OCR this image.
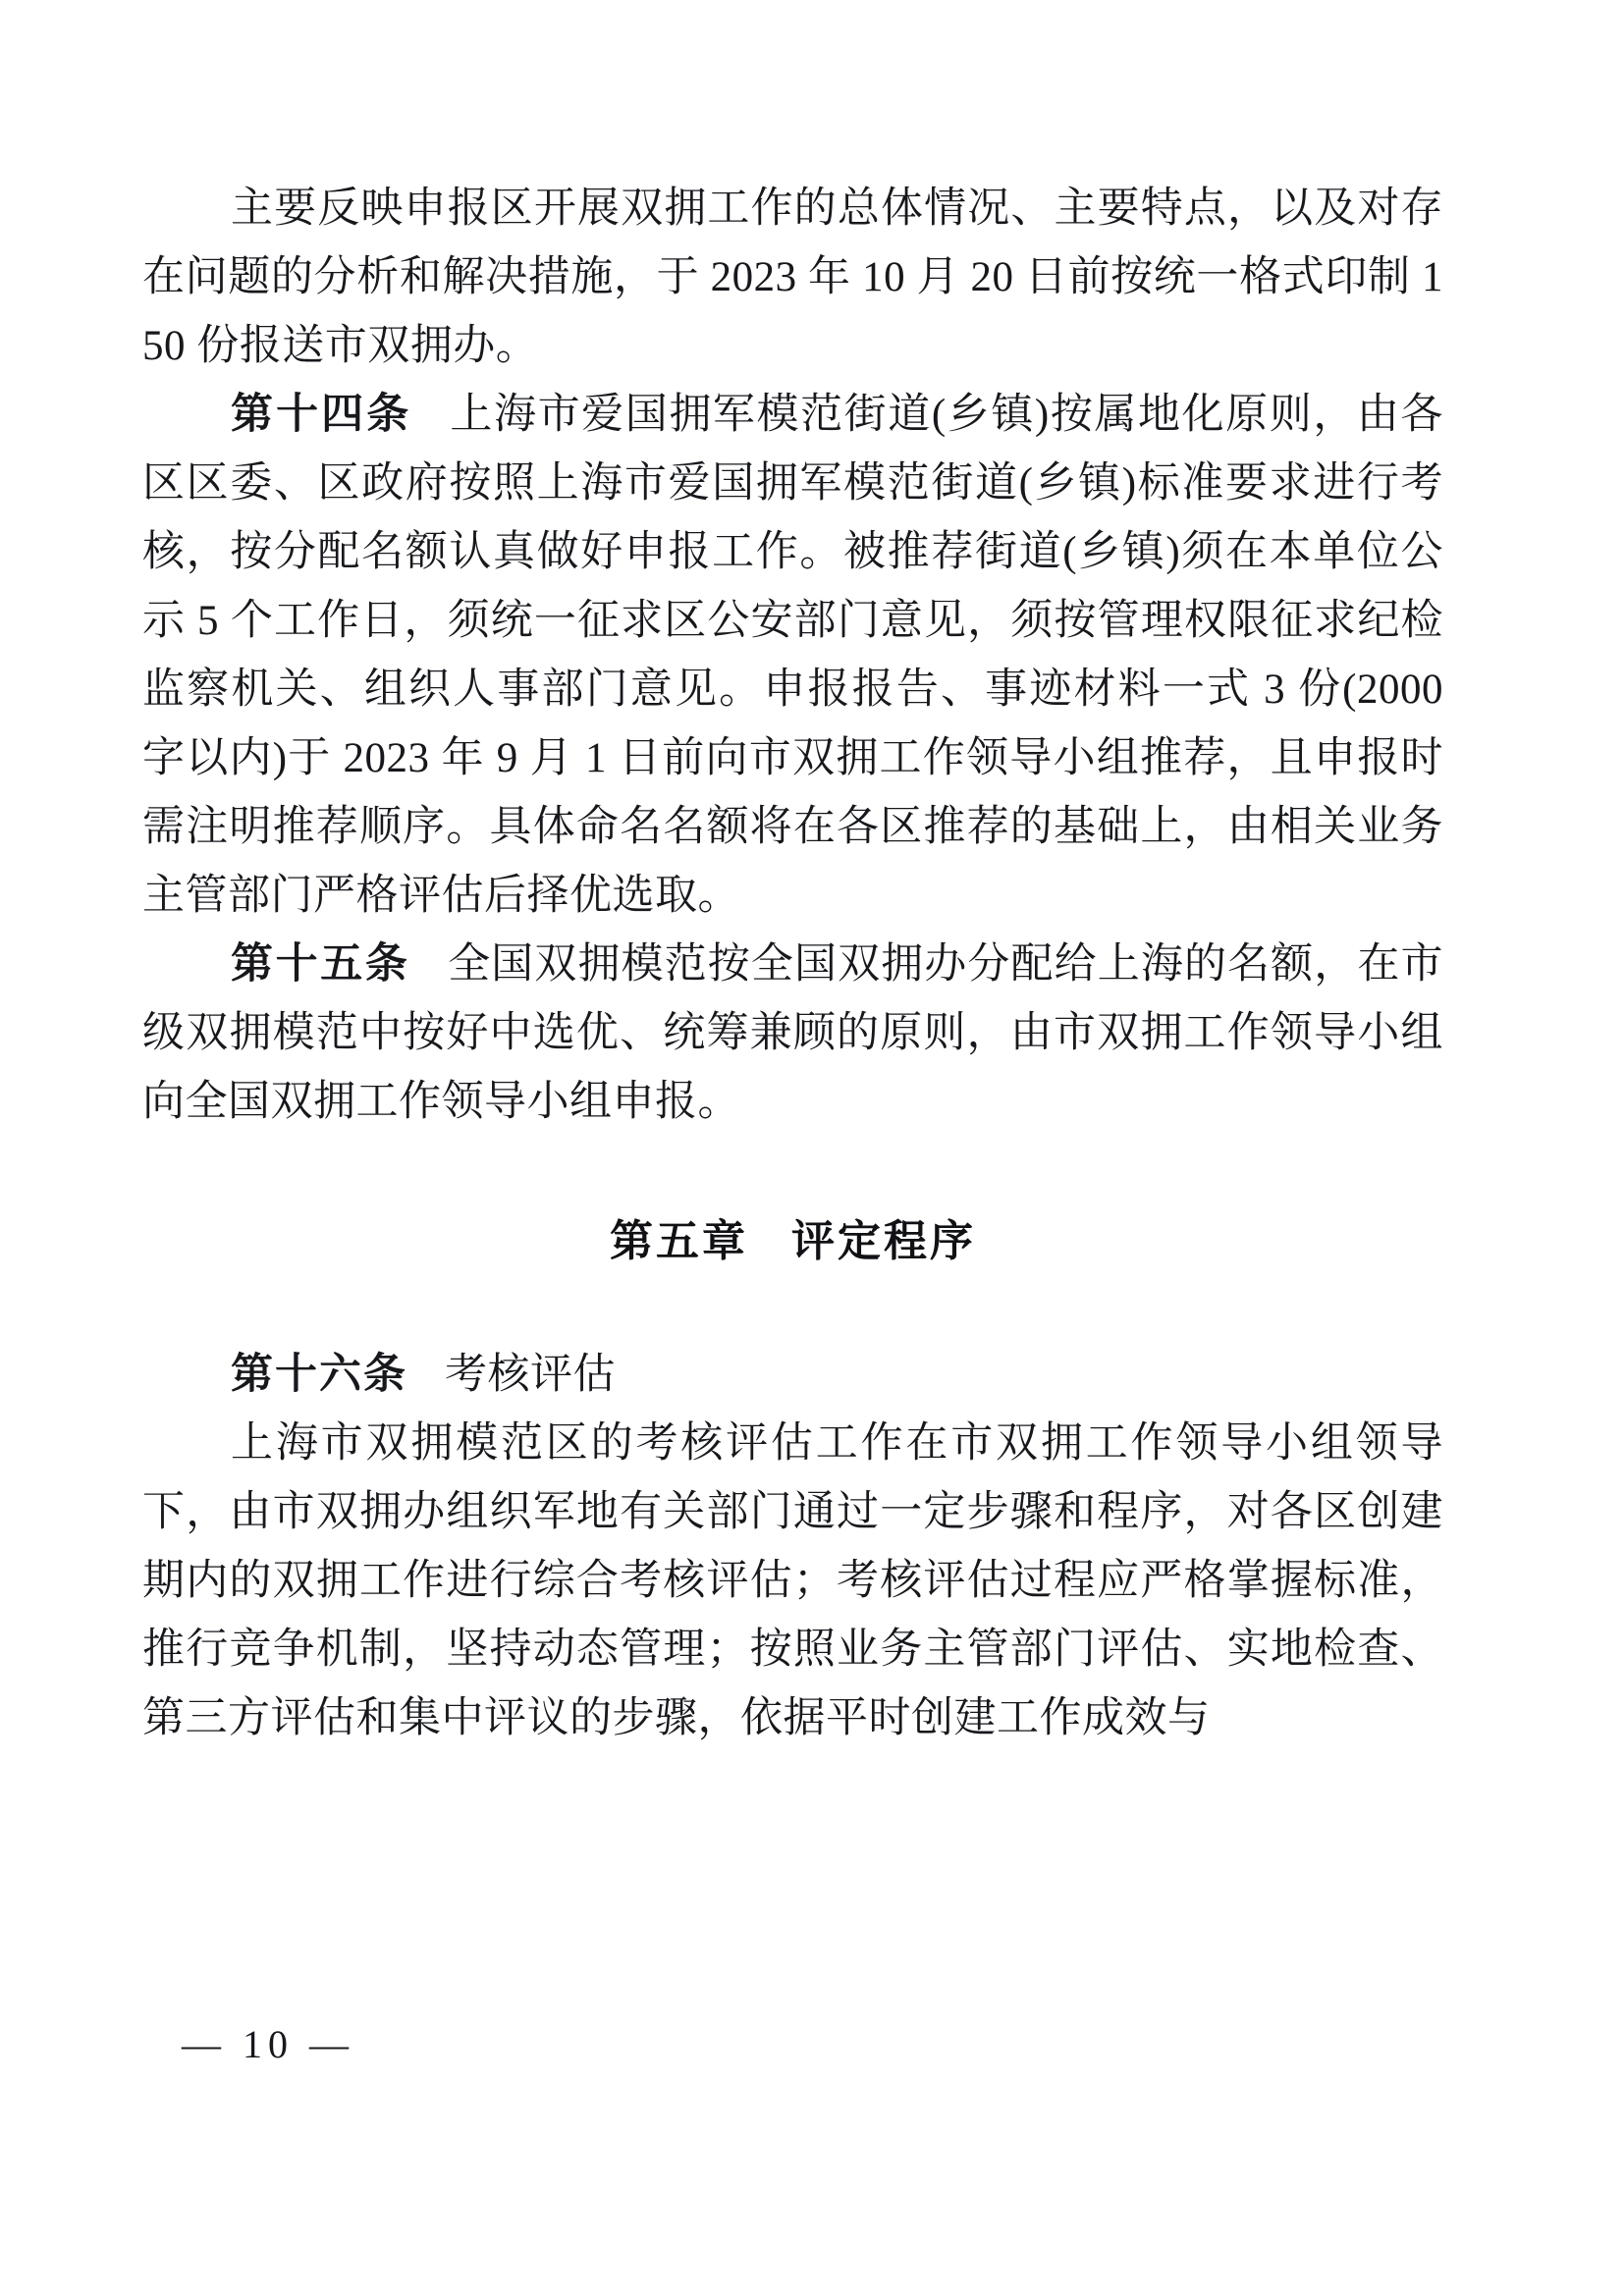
主要反映申报区开展双拥工作的总体情况、主要特点，以及对存在问题的分析和解决措施，于 2023 年 10 月 20 日前按统一格式印制 150 份报送市双拥办。

第十四条 上海市爱国拥军模范街道(乡镇)按属地化原则，由各区区委、区政府按照上海市爱国拥军模范街道(乡镇)标准要求进行考核，按分配名额认真做好申报工作。被推荐街道(乡镇)须在本单位公示 5 个工作日，须统一征求区公安部门意见，须按管理权限征求纪检监察机关、组织人事部门意见。申报报告、事迹材料一式 3 份(2000 字以内)于 2023 年 9 月 1 日前向市双拥工作领导小组推荐，且申报时需注明推荐顺序。具体命名名额将在各区推荐的基础上，由相关业务主管部门严格评估后择优选取。

第十五条 全国双拥模范按全国双拥办分配给上海的名额，在市级双拥模范中按好中选优、统筹兼顾的原则，由市双拥工作领导小组向全国双拥工作领导小组申报。

第五章 评定程序

第十六条 考核评估

上海市双拥模范区的考核评估工作在市双拥工作领导小组领导下，由市双拥办组织军地有关部门通过一定步骤和程序，对各区创建期内的双拥工作进行综合考核评估；考核评估过程应严格掌握标准，推行竞争机制，坚持动态管理；按照业务主管部门评估、实地检查、第三方评估和集中评议的步骤，依据平时创建工作成效与

— 10 —
